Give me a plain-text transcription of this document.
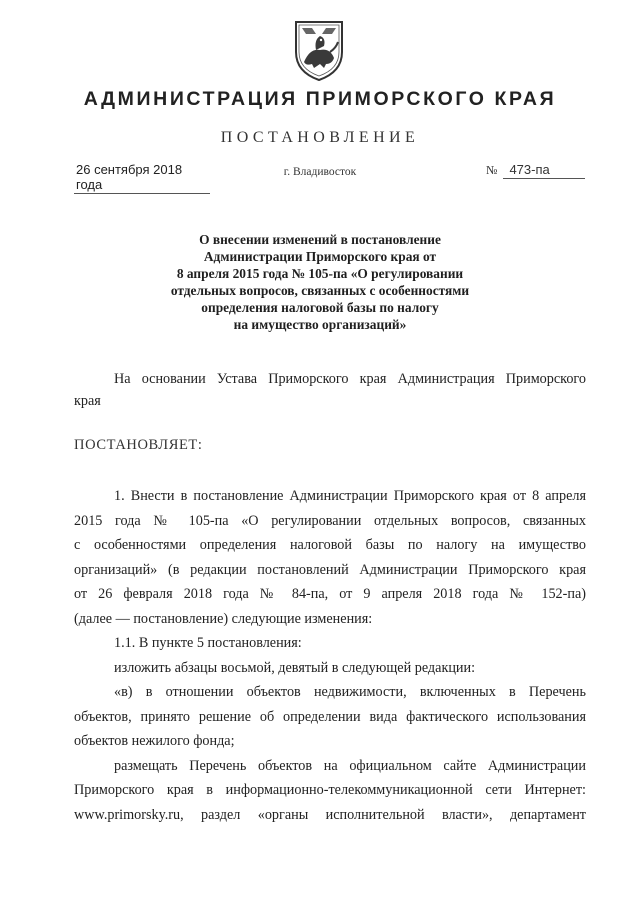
АДМИНИСТРАЦИЯ ПРИМОРСКОГО КРАЯ
ПОСТАНОВЛЕНИЕ
26 сентября 2018 года
г. Владивосток	№ 473-па
О внесении изменений в постановление
Администрации Приморского края от
8 апреля 2015 года № 105-па «О регулировании
отдельных вопросов, связанных с особенностями
определения налоговой базы по налогу
на имущество организаций»
На основании Устава Приморского края Администрация Приморского
края
ПОСТАНОВЛЯЕТ:
1. Внести в постановление Администрации Приморского края от 8 апреля
2015 года № 105-па «О регулировании отдельных вопросов, связанных
с особенностями определения налоговой базы по налогу на имущество
организаций» (в редакции постановлений Администрации Приморского края
от 26 февраля 2018 года № 84-па, от 9 апреля 2018 года № 152-па)
(далее — постановление) следующие изменения:
1.1. В пункте 5 постановления:
изложить абзацы восьмой, девятый в следующей редакции:
«в) в отношении объектов недвижимости, включенных в Перечень
объектов, принято решение об определении вида фактического использования
объектов нежилого фонда;
размещать Перечень объектов на официальном сайте Администрации
Приморского края в информационно-телекоммуникационной сети Интернет:
www.primorsky.ru, раздел «органы исполнительной власти», департамент
